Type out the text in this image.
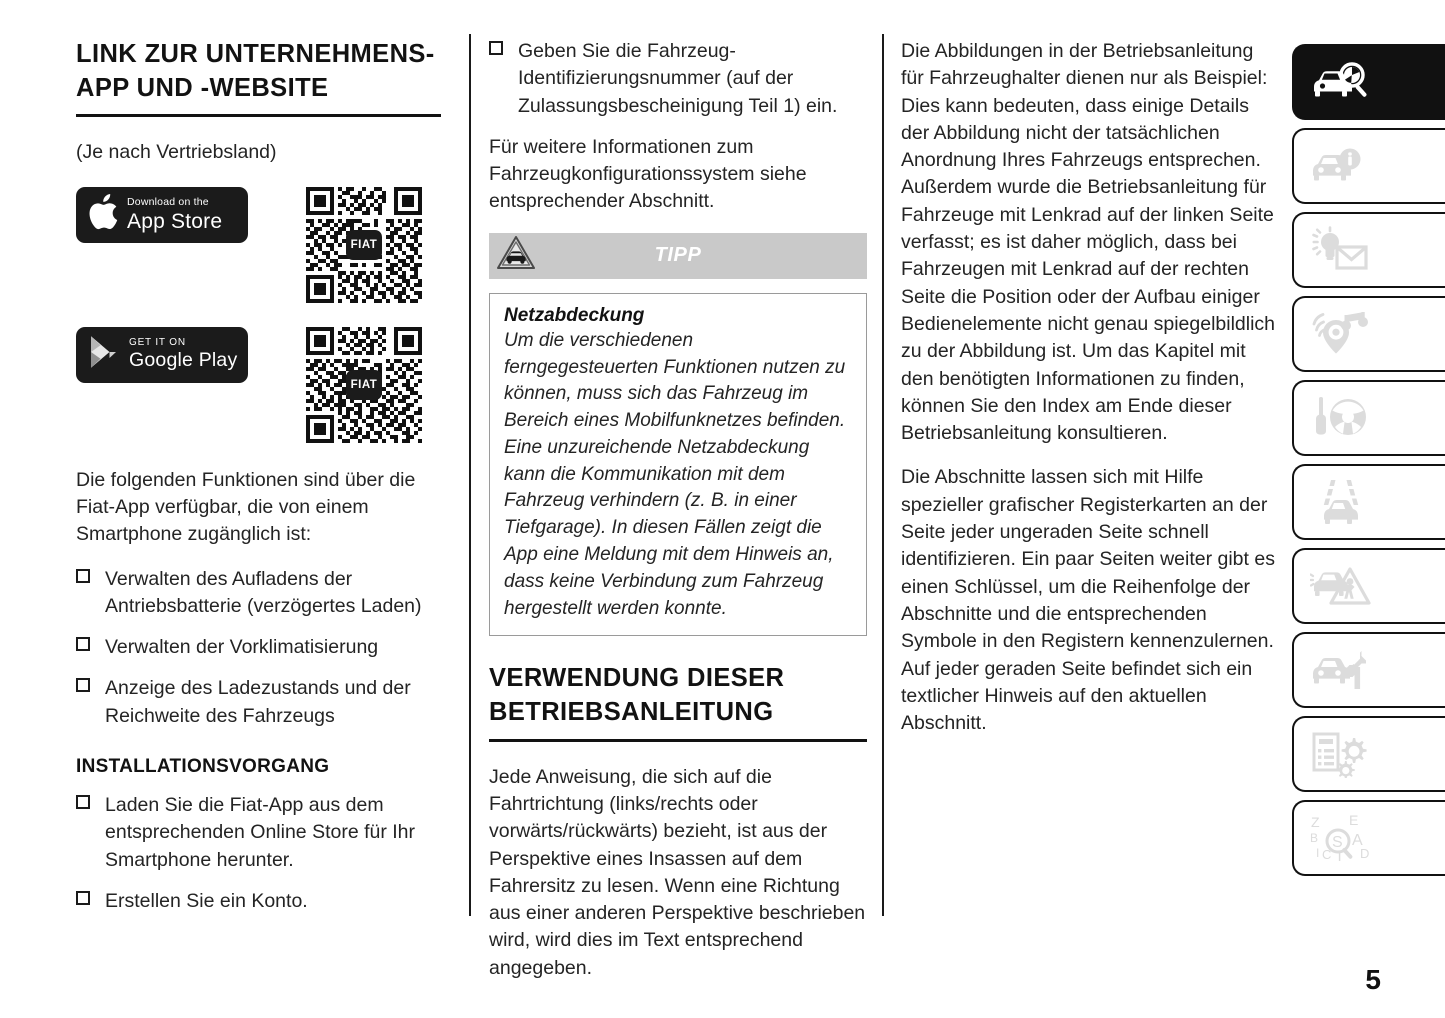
LINK ZUR UNTERNEHMENS-APP UND -WEBSITE

(Je nach Vertriebsland)

Download on the
App Store
FIAT
GET IT ON
Google Play
FIAT

Die folgenden Funktionen sind über die Fiat-App verfügbar, die von einem Smartphone zugänglich ist:

Verwalten des Aufladens der Antriebsbatterie (verzögertes Laden)
Verwalten der Vorklimatisierung
Anzeige des Ladezustands und der Reichweite des Fahrzeugs
INSTALLATIONSVORGANG
Laden Sie die Fiat-App aus dem entsprechenden Online Store für Ihr Smartphone herunter.
Erstellen Sie ein Konto.
Geben Sie die Fahrzeug-Identifizierungsnummer (auf der Zulassungsbescheinigung Teil 1) ein.

Für weitere Informationen zum Fahrzeugkonfigurationssystem siehe entsprechender Abschnitt.

TIPP

Netzabdeckung

Um die verschiedenen ferngegesteuerten Funktionen nutzen zu können, muss sich das Fahrzeug im Bereich eines Mobilfunknetzes befinden. Eine unzureichende Netzabdeckung kann die Kommunikation mit dem Fahrzeug verhindern (z. B. in einer Tiefgarage). In diesen Fällen zeigt die App eine Meldung mit dem Hinweis an, dass keine Verbindung zum Fahrzeug hergestellt werden konnte.

VERWENDUNG DIESER BETRIEBSANLEITUNG

Jede Anweisung, die sich auf die Fahrtrichtung (links/rechts oder vorwärts/rückwärts) bezieht, ist aus der Perspektive eines Insassen auf dem Fahrersitz zu lesen. Wenn eine Richtung aus einer anderen Perspektive beschrieben wird, wird dies im Text entsprechend angegeben.

Die Abbildungen in der Betriebsanleitung für Fahrzeughalter dienen nur als Beispiel: Dies kann bedeuten, dass einige Details der Abbildung nicht der tatsächlichen Anordnung Ihres Fahrzeugs entsprechen. Außerdem wurde die Betriebsanleitung für Fahrzeuge mit Lenkrad auf der linken Seite verfasst; es ist daher möglich, dass bei Fahrzeugen mit Lenkrad auf der rechten Seite die Position oder der Aufbau einiger Bedienelemente nicht genau spiegelbildlich zu der Abbildung ist. Um das Kapitel mit den benötigten Informationen zu finden, können Sie den Index am Ende dieser Betriebsanleitung konsultieren.

Die Abschnitte lassen sich mit Hilfe spezieller grafischer Registerkarten an der Seite jeder ungeraden Seite schnell identifizieren. Ein paar Seiten weiter gibt es einen Schlüssel, um die Reihenfolge der Abschnitte und die entsprechenden Symbole in den Registern kennenzulernen. Auf jeder geraden Seite befindet sich ein textlicher Hinweis auf den aktuellen Abschnitt.

Z
B
I C T
E
A
D
S
5
